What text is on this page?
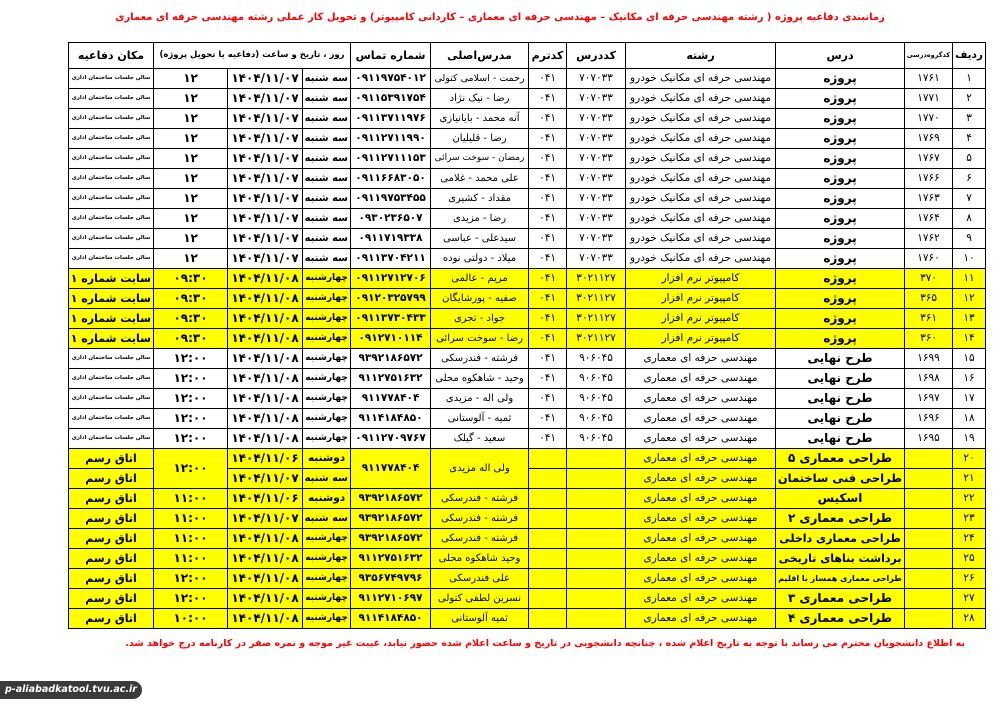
زمانبندی دفاعیه پروژه ( رشته مهندسی حرفه ای مکانیک – مهندسی حرفه ای معماری – کاردانی کامپیوتر) و تحویل کار عملی رشته مهندسی حرفه ای معماری
ردیف	کدگروه‌درسی	درس	رشته	کددرس	کدترم	مدرس‌اصلی	شماره تماس	روز ، تاریخ و ساعت (دفاعیه یا تحویل پروژه)			مکان دفاعیه
۱	۱۷۶۱	پروژه	مهندسی حرفه ای مکانیک خودرو	۷۰۷۰۳۳	۰۴۱	رحمت - اسلامی کتولی	۰۹۱۱۹۷۵۴۰۱۲	سه شنبه	۱۴۰۴/۱۱/۰۷	۱۲	سالن جلسات ساختمان اداری
۲	۱۷۷۱	پروژه	مهندسی حرفه ای مکانیک خودرو	۷۰۷۰۳۳	۰۴۱	رضا - نیک نژاد	۰۹۱۱۵۳۹۱۷۵۴	سه شنبه	۱۴۰۴/۱۱/۰۷	۱۲	سالن جلسات ساختمان اداری
۳	۱۷۷۰	پروژه	مهندسی حرفه ای مکانیک خودرو	۷۰۷۰۳۳	۰۴۱	آنه محمد - بایانیازی	۰۹۱۱۳۷۱۱۹۷۶	سه شنبه	۱۴۰۴/۱۱/۰۷	۱۲	سالن جلسات ساختمان اداری
۴	۱۷۶۹	پروژه	مهندسی حرفه ای مکانیک خودرو	۷۰۷۰۳۳	۰۴۱	رضا - قلیلیان	۰۹۱۱۲۷۱۱۹۹۰	سه شنبه	۱۴۰۴/۱۱/۰۷	۱۲	سالن جلسات ساختمان اداری
۵	۱۷۶۷	پروژه	مهندسی حرفه ای مکانیک خودرو	۷۰۷۰۳۳	۰۴۱	رمضان - سوخت سرائی	۰۹۱۱۲۷۱۱۱۵۳	سه شنبه	۱۴۰۴/۱۱/۰۷	۱۲	سالن جلسات ساختمان اداری
۶	۱۷۶۶	پروژه	مهندسی حرفه ای مکانیک خودرو	۷۰۷۰۳۳	۰۴۱	علی محمد - غلامی	۰۹۱۱۶۶۸۳۰۵۰	سه شنبه	۱۴۰۴/۱۱/۰۷	۱۲	سالن جلسات ساختمان اداری
۷	۱۷۶۳	پروژه	مهندسی حرفه ای مکانیک خودرو	۷۰۷۰۳۳	۰۴۱	مقداد - کشیری	۰۹۱۱۹۷۵۳۴۵۵	سه شنبه	۱۴۰۴/۱۱/۰۷	۱۲	سالن جلسات ساختمان اداری
۸	۱۷۶۴	پروژه	مهندسی حرفه ای مکانیک خودرو	۷۰۷۰۳۳	۰۴۱	رضا - مزیدی	۰۹۳۰۲۳۶۵۰۷	سه شنبه	۱۴۰۴/۱۱/۰۷	۱۲	سالن جلسات ساختمان اداری
۹	۱۷۶۲	پروژه	مهندسی حرفه ای مکانیک خودرو	۷۰۷۰۳۳	۰۴۱	سیدعلی - عباسی	۰۹۱۱۷۱۹۳۳۸	سه شنبه	۱۴۰۴/۱۱/۰۷	۱۲	سالن جلسات ساختمان اداری
۱۰	۱۷۶۰	پروژه	مهندسی حرفه ای مکانیک خودرو	۷۰۷۰۳۳	۰۴۱	میلاد - دولتی نوده	۰۹۱۱۳۷۰۴۲۱۱	سه شنبه	۱۴۰۴/۱۱/۰۷	۱۲	سالن جلسات ساختمان اداری
۱۱	۳۷۰	پروژه	کامپیوتر نرم افزار	۳۰۲۱۱۲۷	۰۴۱	مریم - عالمی	۰۹۱۱۲۷۱۲۷۰۶	چهارشنبه	۱۴۰۴/۱۱/۰۸	۰۹:۳۰	سایت شماره ۱
۱۲	۳۶۵	پروژه	کامپیوتر نرم افزار	۳۰۲۱۱۲۷	۰۴۱	صفیه - پورشایگان	۰۹۱۲۰۳۲۵۷۹۹	چهارشنبه	۱۴۰۴/۱۱/۰۸	۰۹:۳۰	سایت شماره ۱
۱۳	۳۶۱	پروژه	کامپیوتر نرم افزار	۳۰۲۱۱۲۷	۰۴۱	جواد - تجری	۰۹۱۱۳۷۳۰۴۳۳	چهارشنبه	۱۴۰۴/۱۱/۰۸	۰۹:۳۰	سایت شماره ۱
۱۴	۳۶۰	پروژه	کامپیوتر نرم افزار	۳۰۲۱۱۲۷	۰۴۱	رضا - سوخت سرائی	۰۹۱۲۷۱۰۱۱۴	چهارشنبه	۱۴۰۴/۱۱/۰۸	۰۹:۳۰	سایت شماره ۱
۱۵	۱۶۹۹	طرح نهایی	مهندسی حرفه ای معماری	۹۰۶۰۴۵	۰۴۱	فرشته - فندرسکی	۹۳۹۲۱۸۶۵۷۲	چهارشنبه	۱۴۰۴/۱۱/۰۸	۱۲:۰۰	سالن جلسات ساختمان اداری
۱۶	۱۶۹۸	طرح نهایی	مهندسی حرفه ای معماری	۹۰۶۰۴۵	۰۴۱	وحید - شاهکوه محلی	۹۱۱۲۷۵۱۶۳۲	چهارشنبه	۱۴۰۴/۱۱/۰۸	۱۲:۰۰	سالن جلسات ساختمان اداری
۱۷	۱۶۹۷	طرح نهایی	مهندسی حرفه ای معماری	۹۰۶۰۴۵	۰۴۱	ولی اله - مزیدی	۹۱۱۷۷۸۴۰۴	چهارشنبه	۱۴۰۴/۱۱/۰۸	۱۲:۰۰	سالن جلسات ساختمان اداری
۱۸	۱۶۹۶	طرح نهایی	مهندسی حرفه ای معماری	۹۰۶۰۴۵	۰۴۱	ثمیه - آلوستانی	۹۱۱۴۱۸۴۸۵۰	چهارشنبه	۱۴۰۴/۱۱/۰۸	۱۲:۰۰	سالن جلسات ساختمان اداری
۱۹	۱۶۹۵	طرح نهایی	مهندسی حرفه ای معماری	۹۰۶۰۴۵	۰۴۱	سعید - گیلک	۰۹۱۱۲۷۰۹۷۶۷	چهارشنبه	۱۴۰۴/۱۱/۰۸	۱۲:۰۰	سالن جلسات ساختمان اداری
۲۰		طراحی معماری ۵	مهندسی حرفه ای معماری			ولی اله مزیدی	۹۱۱۷۷۸۴۰۴	دوشنبه	۱۴۰۴/۱۱/۰۶	۱۲:۰۰	اتاق رسم
۲۱		طراحی فنی ساختمان	مهندسی حرفه ای معماری					سه شنبه	۱۴۰۴/۱۱/۰۷		اتاق رسم
۲۲		اسکیس	مهندسی حرفه ای معماری			فرشته - فندرسکی	۹۳۹۲۱۸۶۵۷۲	دوشنبه	۱۴۰۴/۱۱/۰۶	۱۱:۰۰	اتاق رسم
۲۳		طراحی معماری ۲	مهندسی حرفه ای معماری			فرشته - فندرسکی	۹۳۹۲۱۸۶۵۷۲	سه شنبه	۱۴۰۴/۱۱/۰۷	۱۱:۰۰	اتاق رسم
۲۴		طراحی معماری داخلی	مهندسی حرفه ای معماری			فرشته - فندرسکی	۹۳۹۲۱۸۶۵۷۲	چهارشنبه	۱۴۰۴/۱۱/۰۸	۱۱:۰۰	اتاق رسم
۲۵		برداشت بناهای تاریخی	مهندسی حرفه ای معماری			وحید شاهکوه محلی	۹۱۱۲۷۵۱۶۳۲	چهارشنبه	۱۴۰۴/۱۱/۰۸	۱۱:۰۰	اتاق رسم
۲۶		طراحی معماری همساز با اقلیم	مهندسی حرفه ای معماری			علی فندرسکی	۹۳۵۶۷۴۹۷۹۶	چهارشنبه	۱۴۰۴/۱۱/۰۸	۱۲:۰۰	اتاق رسم
۲۷		طراحی معماری ۳	مهندسی حرفه ای معماری			نسرین لطفی کتولی	۹۱۱۲۷۱۰۶۹۷	چهارشنبه	۱۴۰۴/۱۱/۰۸	۱۲:۰۰	اتاق رسم
۲۸		طراحی معماری ۴	مهندسی حرفه ای معماری			ثمیه آلوستانی	۹۱۱۴۱۸۴۸۵۰	چهارشنبه	۱۴۰۴/۱۱/۰۸	۱۰:۰۰	اتاق رسم
به اطلاع دانشجویان محترم می رساند با توجه به تاریخ اعلام شده ، چنانچه دانشجویی در تاریخ و ساعت اعلام شده حضور نیابد، غیبت غیر موجه و نمره صفر در کارنامه درج خواهد شد.
p-aliabadkatool.tvu.ac.ir
